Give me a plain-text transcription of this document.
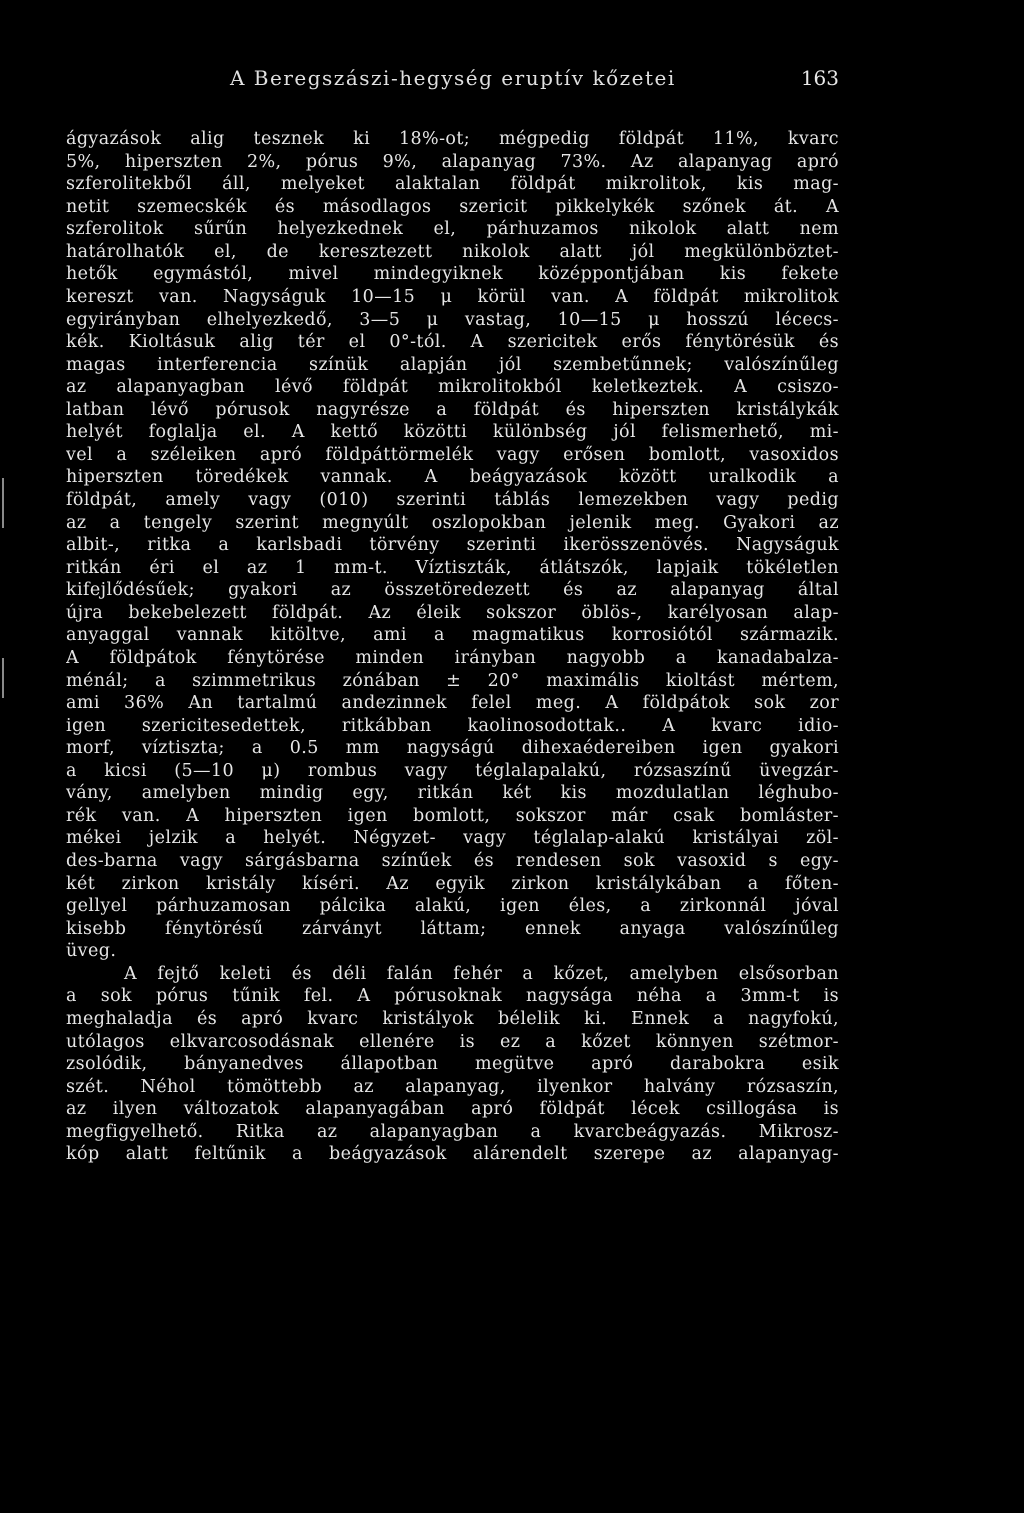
A Beregszászi-hegység eruptív kőzetei	163
ágyazások alig tesznek ki 18%-ot; mégpedig földpát 11%, kvarc
5%, hiperszten 2%, pórus 9%, alapanyag 73%. Az alapanyag apró
szferolitekből áll, melyeket alaktalan földpát mikrolitok, kis mag-
netit szemecskék és másodlagos szericit pikkelykék szőnek át. A
szferolitok sűrűn helyezkednek el, párhuzamos nikolok alatt nem
határolhatók el, de keresztezett nikolok alatt jól megkülönböztet-
hetők egymástól, mivel mindegyiknek középpontjában kis fekete
kereszt van. Nagyságuk 10—15 μ körül van. A földpát mikrolitok
egyirányban elhelyezkedő, 3—5 μ vastag, 10—15 μ hosszú lécecs-
kék. Kioltásuk alig tér el 0°-tól. A szericitek erős fénytörésük és
magas interferencia színük alapján jól szembetűnnek; valószínűleg
az alapanyagban lévő földpát mikrolitokból keletkeztek. A csiszo-
latban lévő pórusok nagyrésze a földpát és hiperszten kristálykák
helyét foglalja el. A kettő közötti különbség jól felismerhető, mi-
vel a széleiken apró földpáttörmelék vagy erősen bomlott, vasoxidos
hiperszten töredékek vannak. A beágyazások között uralkodik a
földpát, amely vagy (010) szerinti táblás lemezekben vagy pedig
az a tengely szerint megnyúlt oszlopokban jelenik meg. Gyakori az
albit-, ritka a karlsbadi törvény szerinti ikerösszenövés. Nagyságuk
ritkán éri el az 1 mm-t. Víztiszták, átlátszók, lapjaik tökéletlen
kifejlődésűek; gyakori az összetöredezett és az alapanyag által
újra bekebelezett földpát. Az éleik sokszor öblös-, karélyosan alap-
anyaggal vannak kitöltve, ami a magmatikus korrosiótól származik.
A földpátok fénytörése minden irányban nagyobb a kanadabalza-
ménál; a szimmetrikus zónában ± 20° maximális kioltást mértem,
ami 36% An tartalmú andezinnek felel meg. A földpátok sok zor
igen szericitesedettek, ritkábban kaolinosodottak.. A kvarc idio-
morf, víztiszta; a 0.5 mm nagyságú dihexaédereiben igen gyakori
a kicsi (5—10 μ) rombus vagy téglalapalakú, rózsaszínű üvegzár-
vány, amelyben mindig egy, ritkán két kis mozdulatlan léghubo-
rék van. A hiperszten igen bomlott, sokszor már csak bomláster-
mékei jelzik a helyét. Négyzet- vagy téglalap-alakú kristályai zöl-
des-barna vagy sárgásbarna színűek és rendesen sok vasoxid s egy-
két zirkon kristály kíséri. Az egyik zirkon kristálykában a főten-
gellyel párhuzamosan pálcika alakú, igen éles, a zirkonnál jóval
kisebb fénytörésű zárványt láttam; ennek anyaga valószínűleg
üveg.
A fejtő keleti és déli falán fehér a kőzet, amelyben elsősorban
a sok pórus tűnik fel. A pórusoknak nagysága néha a 3mm-t is
meghaladja és apró kvarc kristályok bélelik ki. Ennek a nagyfokú,
utólagos elkvarcosodásnak ellenére is ez a kőzet könnyen szétmor-
zsolódik, bányanedves állapotban megütve apró darabokra esik
szét. Néhol tömöttebb az alapanyag, ilyenkor halvány rózsaszín,
az ilyen változatok alapanyagában apró földpát lécek csillogása is
megfigyelhető. Ritka az alapanyagban a kvarcbeágyazás. Mikrosz-
kóp alatt feltűnik a beágyazások alárendelt szerepe az alapanyag-
